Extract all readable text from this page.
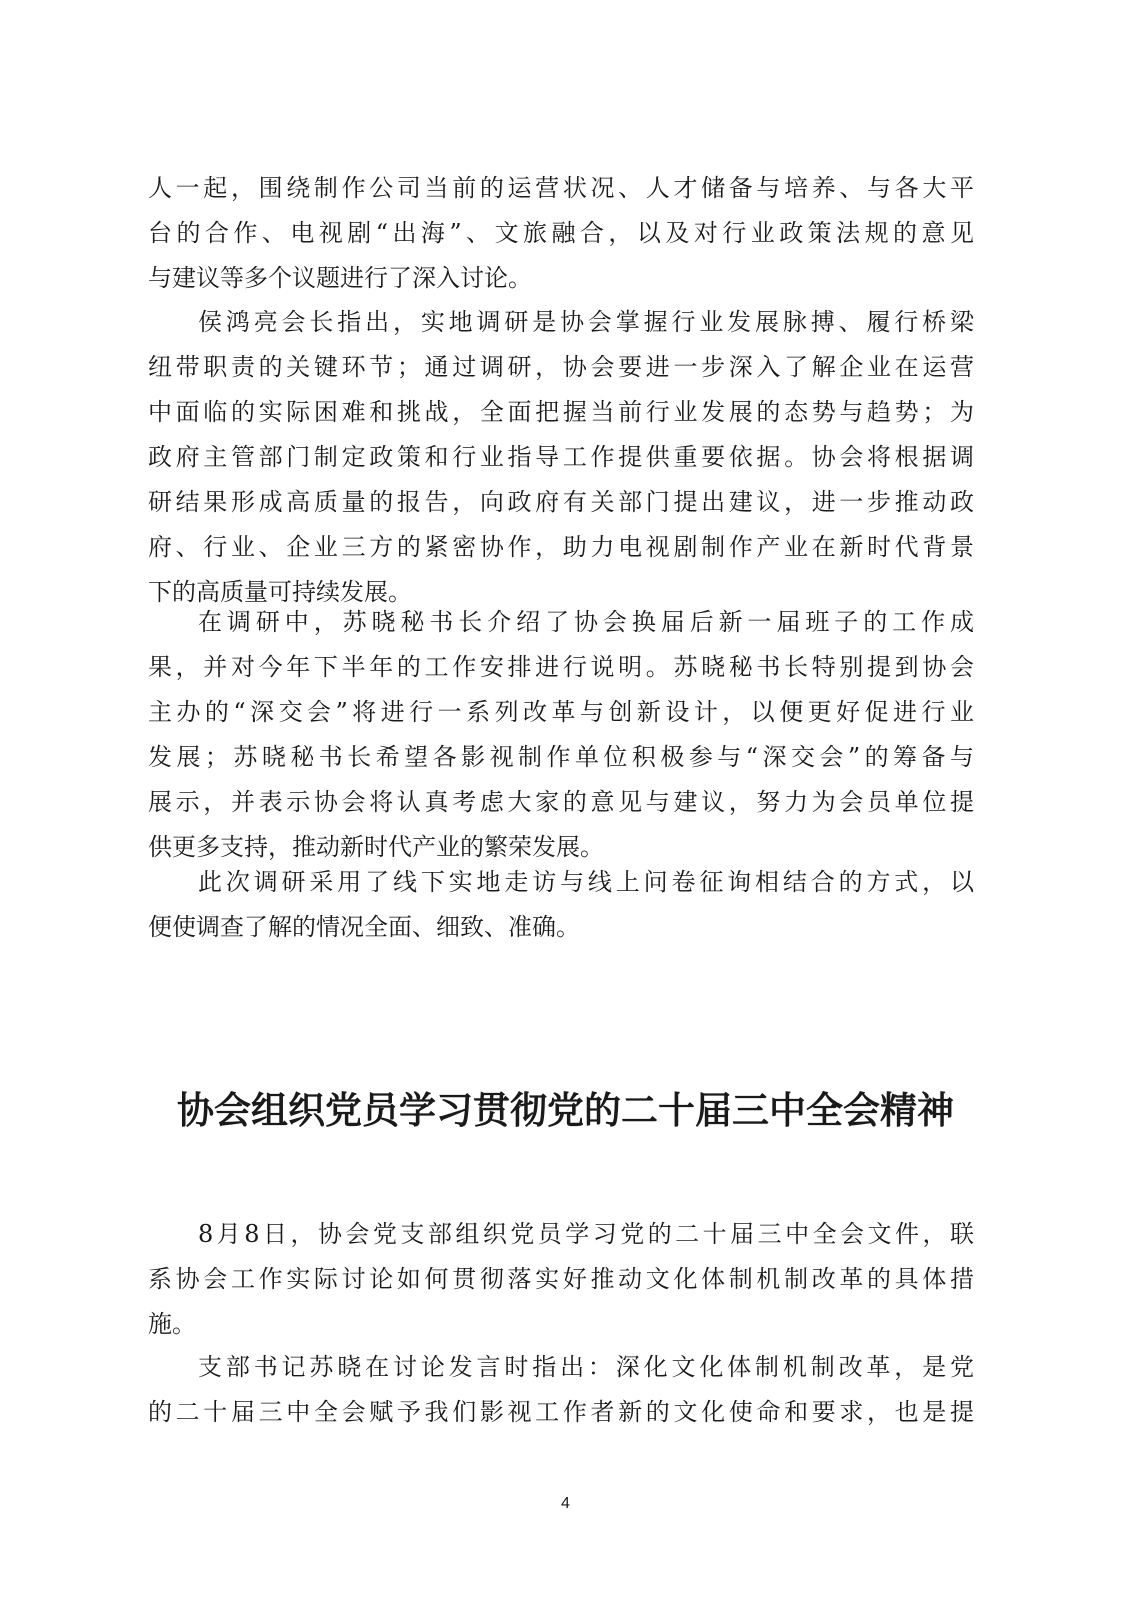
人一起，围绕制作公司当前的运营状况、人才储备与培养、与各大平
台的合作、电视剧“出海”、文旅融合，以及对行业政策法规的意见
与建议等多个议题进行了深入讨论。
侯鸿亮会长指出，实地调研是协会掌握行业发展脉搏、履行桥梁
纽带职责的关键环节；通过调研，协会要进一步深入了解企业在运营
中面临的实际困难和挑战，全面把握当前行业发展的态势与趋势；为
政府主管部门制定政策和行业指导工作提供重要依据。协会将根据调
研结果形成高质量的报告，向政府有关部门提出建议，进一步推动政
府、行业、企业三方的紧密协作，助力电视剧制作产业在新时代背景
下的高质量可持续发展。
在调研中，苏晓秘书长介绍了协会换届后新一届班子的工作成
果，并对今年下半年的工作安排进行说明。苏晓秘书长特别提到协会
主办的“深交会”将进行一系列改革与创新设计，以便更好促进行业
发展；苏晓秘书长希望各影视制作单位积极参与“深交会”的筹备与
展示，并表示协会将认真考虑大家的意见与建议，努力为会员单位提
供更多支持，推动新时代产业的繁荣发展。
此次调研采用了线下实地走访与线上问卷征询相结合的方式，以
便使调查了解的情况全面、细致、准确。
协会组织党员学习贯彻党的二十届三中全会精神
8月8日，协会党支部组织党员学习党的二十届三中全会文件，联
系协会工作实际讨论如何贯彻落实好推动文化体制机制改革的具体措
施。
支部书记苏晓在讨论发言时指出：深化文化体制机制改革，是党
的二十届三中全会赋予我们影视工作者新的文化使命和要求，也是提
4
